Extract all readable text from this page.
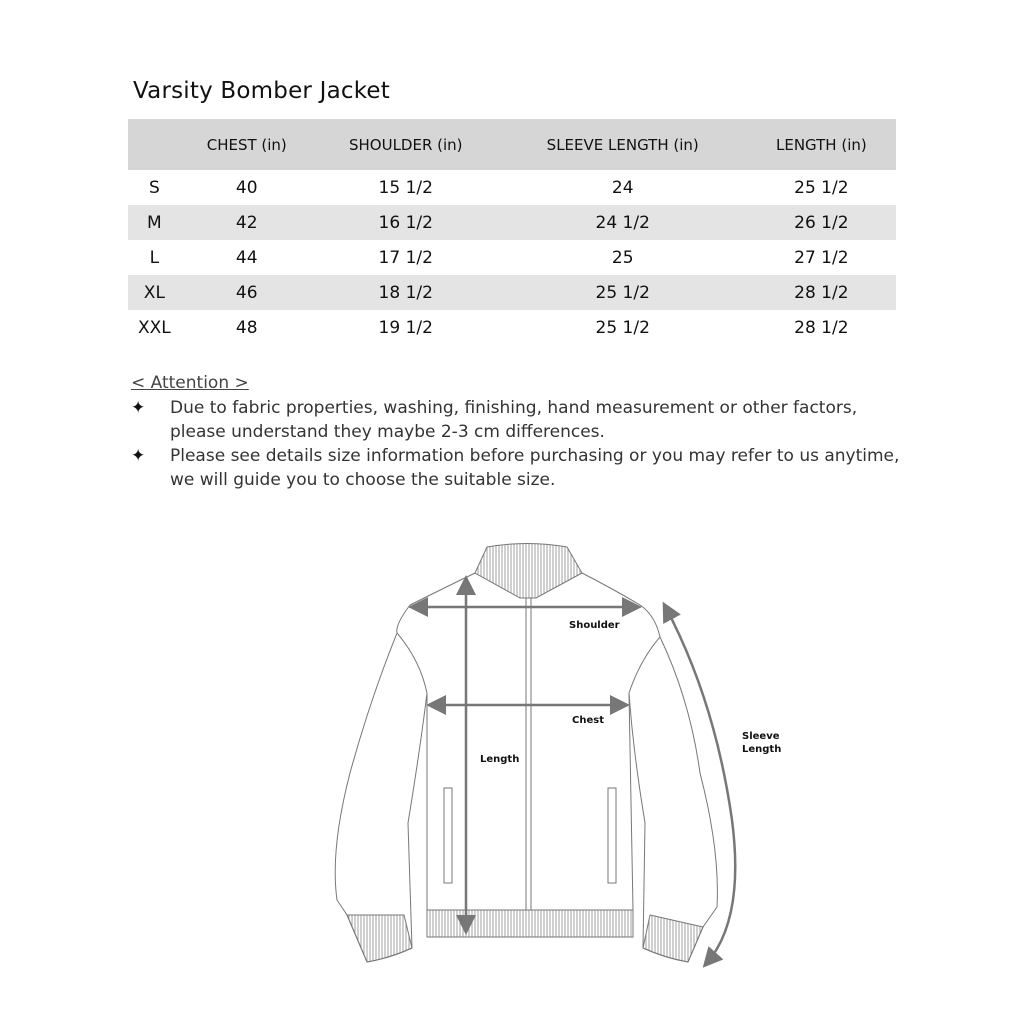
Varsity Bomber Jacket
	CHEST (in)	SHOULDER (in)	SLEEVE LENGTH (in)	LENGTH (in)
S	40	15 1/2	24	25 1/2
M	42	16 1/2	24 1/2	26 1/2
L	44	17 1/2	25	27 1/2
XL	46	18 1/2	25 1/2	28 1/2
XXL	48	19 1/2	25 1/2	28 1/2
< Attention >
✦ Due to fabric properties, washing, finishing, hand measurement or other factors,
please understand they maybe 2-3 cm differences.
✦ Please see details size information before purchasing or you may refer to us anytime,
we will guide you to choose the suitable size.
Shoulder
Chest
Length
Sleeve
Length
